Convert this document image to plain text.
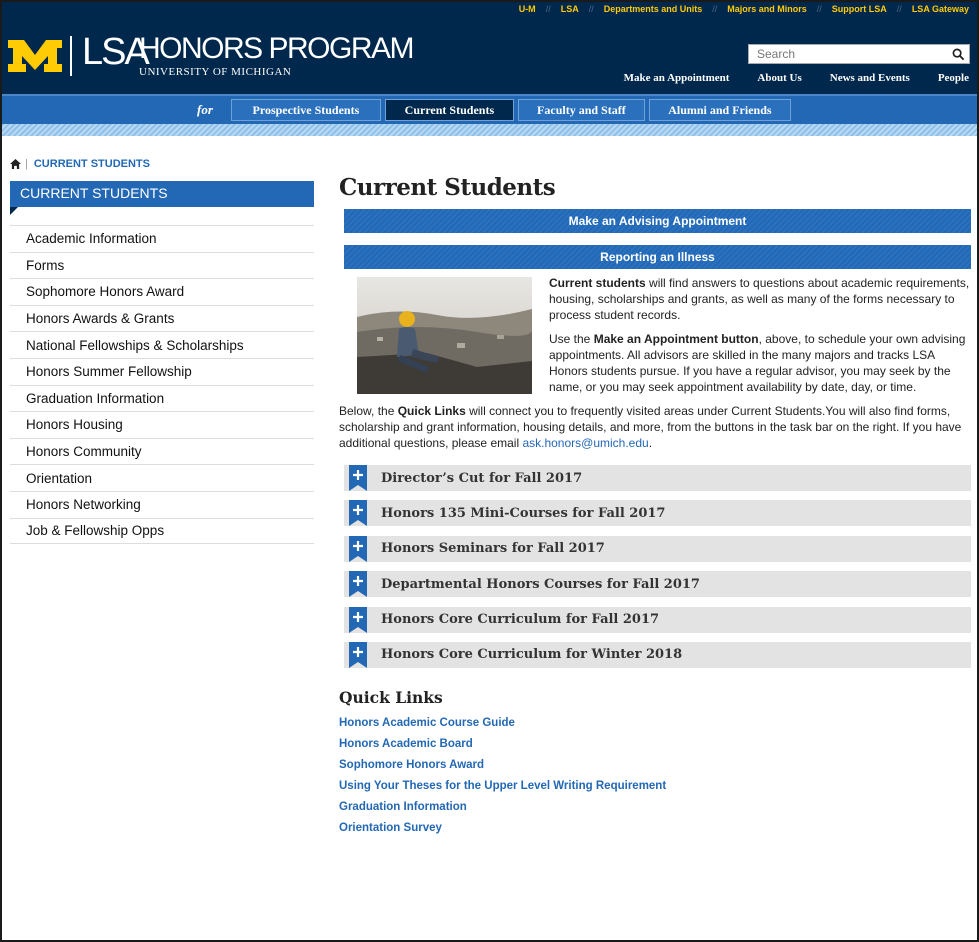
U-M // LSA // Departments and Units // Majors and Minors // Support LSA // LSA Gateway
LSA
HONORS PROGRAM
UNIVERSITY OF MICHIGAN
Search	Make an Appointment	About Us	News and Events	People
for	Prospective Students	Current Students	Faculty and Staff	Alumni and Friends
| CURRENT STUDENTS
CURRENT STUDENTS
Academic Information
Forms
Sophomore Honors Award
Honors Awards & Grants
National Fellowships & Scholarships
Honors Summer Fellowship
Graduation Information
Honors Housing
Honors Community
Orientation
Honors Networking
Job & Fellowship Opps
Current Students
Make an Advising Appointment
Reporting an Illness

Current students will find answers to questions about academic requirements, housing, scholarships and grants, as well as many of the forms necessary to process student records.

Use the Make an Appointment button, above, to schedule your own advising appointments. All advisors are skilled in the many majors and tracks LSA Honors students pursue. If you have a regular advisor, you may seek by the name, or you may seek appointment availability by date, day, or time.

Below, the Quick Links will connect you to frequently visited areas under Current Students.You will also find forms, scholarship and grant information, housing details, and more, from the buttons in the task bar on the right. If you have additional questions, please email ask.honors@umich.edu.

Director’s Cut for Fall 2017
Honors 135 Mini-Courses for Fall 2017
Honors Seminars for Fall 2017
Departmental Honors Courses for Fall 2017
Honors Core Curriculum for Fall 2017
Honors Core Curriculum for Winter 2018
Quick Links
Honors Academic Course Guide
Honors Academic Board
Sophomore Honors Award
Using Your Theses for the Upper Level Writing Requirement
Graduation Information
Orientation Survey
